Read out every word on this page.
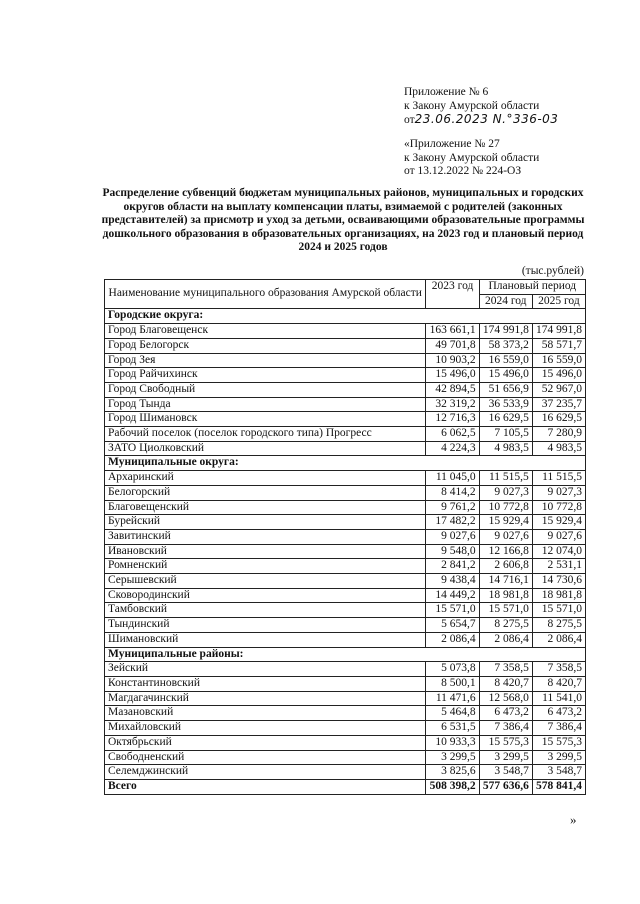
Приложение № 6
к Закону Амурской области
от23.06.2023 N.°336-03
«Приложение № 27
к Закону Амурской области
от 13.12.2022 № 224-ОЗ
Распределение субвенций бюджетам муниципальных районов, муниципальных и городских округов области на выплату компенсации платы, взимаемой с родителей (законных представителей) за присмотр и уход за детьми, осваивающими образовательные программы дошкольного образования в образовательных организациях, на 2023 год и плановый период 2024 и 2025 годов
(тыс.рублей)
Наименование муниципального образования Амурской области	2023 год	Плановый период	
		2024 год	2025 год
Городские округа:			
Город Благовещенск	163 661,1	174 991,8	174 991,8
Город Белогорск	49 701,8	58 373,2	58 571,7
Город Зея	10 903,2	16 559,0	16 559,0
Город Райчихинск	15 496,0	15 496,0	15 496,0
Город Свободный	42 894,5	51 656,9	52 967,0
Город Тында	32 319,2	36 533,9	37 235,7
Город Шимановск	12 716,3	16 629,5	16 629,5
Рабочий поселок (поселок городского типа) Прогресс	6 062,5	7 105,5	7 280,9
ЗАТО Циолковский	4 224,3	4 983,5	4 983,5
Муниципальные округа:			
Архаринский	11 045,0	11 515,5	11 515,5
Белогорский	8 414,2	9 027,3	9 027,3
Благовещенский	9 761,2	10 772,8	10 772,8
Бурейский	17 482,2	15 929,4	15 929,4
Завитинский	9 027,6	9 027,6	9 027,6
Ивановский	9 548,0	12 166,8	12 074,0
Ромненский	2 841,2	2 606,8	2 531,1
Серышевский	9 438,4	14 716,1	14 730,6
Сковородинский	14 449,2	18 981,8	18 981,8
Тамбовский	15 571,0	15 571,0	15 571,0
Тындинский	5 654,7	8 275,5	8 275,5
Шимановский	2 086,4	2 086,4	2 086,4
Муниципальные районы:			
Зейский	5 073,8	7 358,5	7 358,5
Константиновский	8 500,1	8 420,7	8 420,7
Магдагачинский	11 471,6	12 568,0	11 541,0
Мазановский	5 464,8	6 473,2	6 473,2
Михайловский	6 531,5	7 386,4	7 386,4
Октябрьский	10 933,3	15 575,3	15 575,3
Свободненский	3 299,5	3 299,5	3 299,5
Селемджинский	3 825,6	3 548,7	3 548,7
Всего	508 398,2	577 636,6	578 841,4
»
